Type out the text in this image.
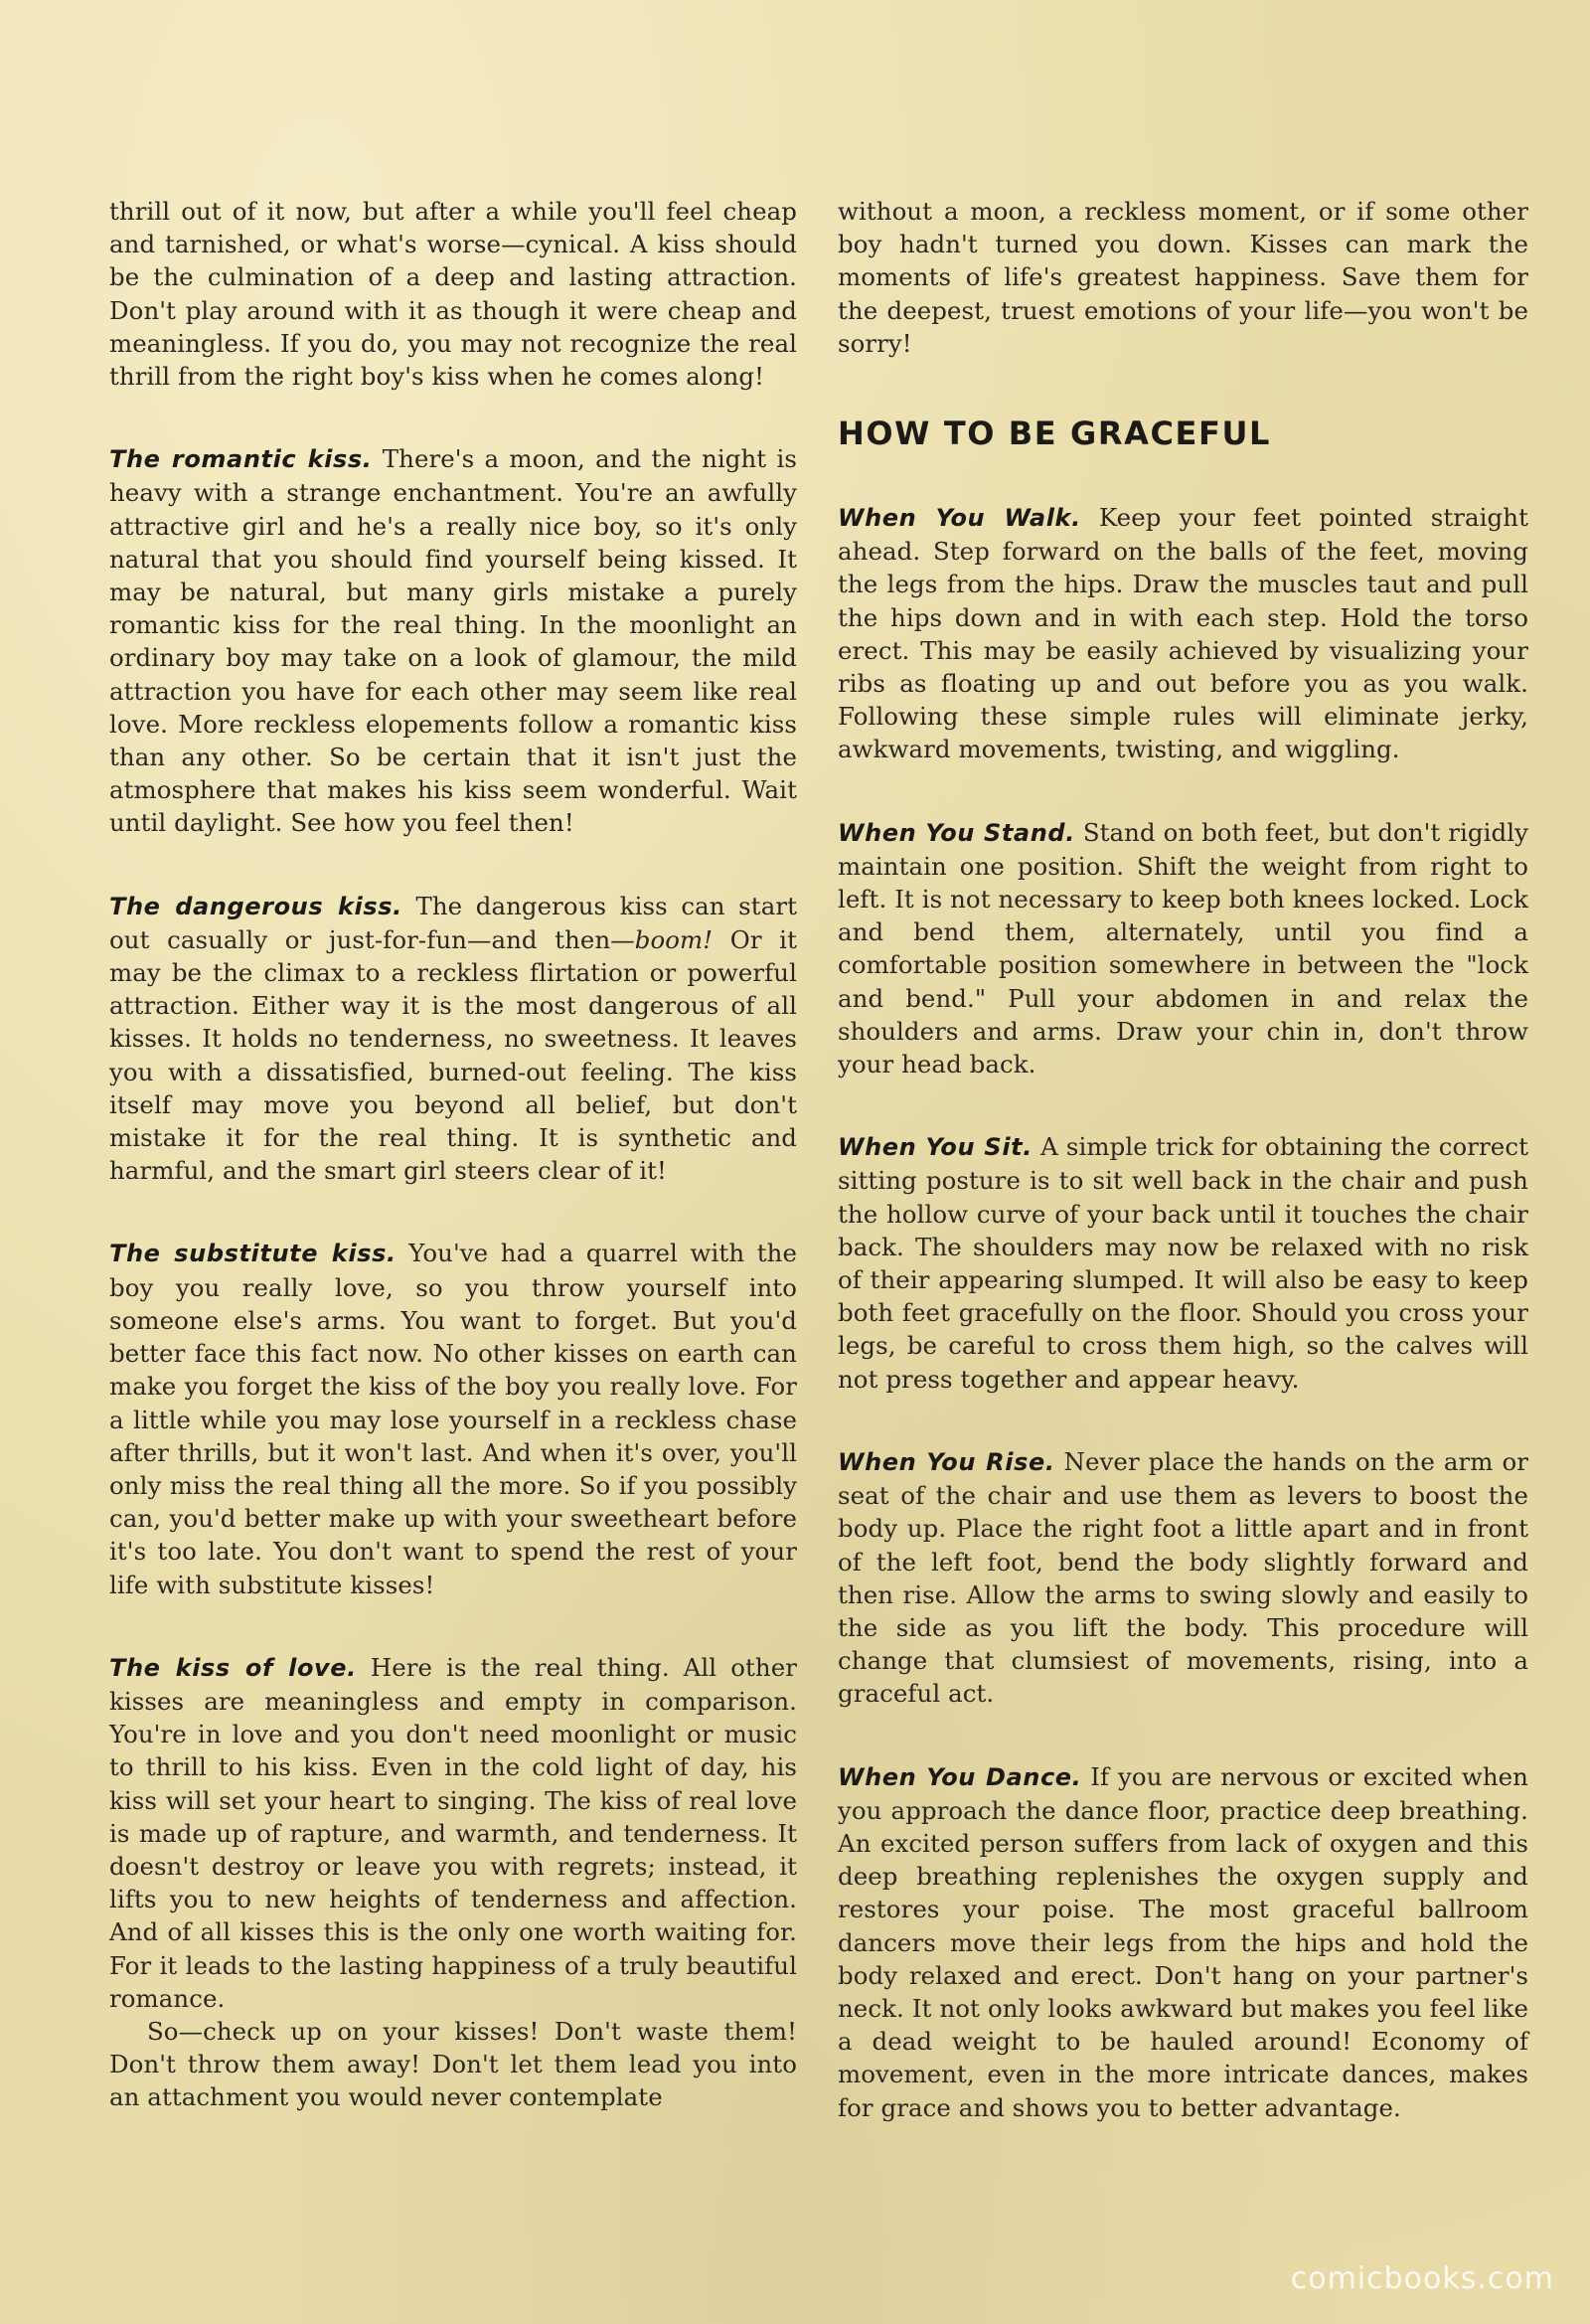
thrill out of it now, but after a while you'll feel cheap and tarnished, or what's worse—cynical. A kiss should be the culmination of a deep and lasting attraction. Don't play around with it as though it were cheap and meaningless. If you do, you may not recognize the real thrill from the right boy's kiss when he comes along!

The romantic kiss. There's a moon, and the night is heavy with a strange enchantment. You're an awfully attractive girl and he's a really nice boy, so it's only natural that you should find yourself being kissed. It may be natural, but many girls mistake a purely romantic kiss for the real thing. In the moonlight an ordinary boy may take on a look of glamour, the mild attraction you have for each other may seem like real love. More reckless elopements follow a romantic kiss than any other. So be certain that it isn't just the atmosphere that makes his kiss seem wonderful. Wait until daylight. See how you feel then!

The dangerous kiss. The dangerous kiss can start out casually or just-for-fun—and then—boom! Or it may be the climax to a reckless flirtation or powerful attraction. Either way it is the most dangerous of all kisses. It holds no tenderness, no sweetness. It leaves you with a dissatisfied, burned-out feeling. The kiss itself may move you beyond all belief, but don't mistake it for the real thing. It is synthetic and harmful, and the smart girl steers clear of it!

The substitute kiss. You've had a quarrel with the boy you really love, so you throw yourself into someone else's arms. You want to forget. But you'd better face this fact now. No other kisses on earth can make you forget the kiss of the boy you really love. For a little while you may lose yourself in a reckless chase after thrills, but it won't last. And when it's over, you'll only miss the real thing all the more. So if you possibly can, you'd better make up with your sweetheart before it's too late. You don't want to spend the rest of your life with substitute kisses!

The kiss of love. Here is the real thing. All other kisses are meaningless and empty in comparison. You're in love and you don't need moonlight or music to thrill to his kiss. Even in the cold light of day, his kiss will set your heart to singing. The kiss of real love is made up of rapture, and warmth, and tenderness. It doesn't destroy or leave you with regrets; instead, it lifts you to new heights of tenderness and affection. And of all kisses this is the only one worth waiting for. For it leads to the lasting happiness of a truly beautiful romance.

So—check up on your kisses! Don't waste them! Don't throw them away! Don't let them lead you into an attachment you would never contemplate

without a moon, a reckless moment, or if some other boy hadn't turned you down. Kisses can mark the moments of life's greatest happiness. Save them for the deepest, truest emotions of your life—you won't be sorry!

HOW TO BE GRACEFUL

When You Walk. Keep your feet pointed straight ahead. Step forward on the balls of the feet, moving the legs from the hips. Draw the muscles taut and pull the hips down and in with each step. Hold the torso erect. This may be easily achieved by visualizing your ribs as floating up and out before you as you walk. Following these simple rules will eliminate jerky, awkward movements, twisting, and wiggling.

When You Stand. Stand on both feet, but don't rigidly maintain one position. Shift the weight from right to left. It is not necessary to keep both knees locked. Lock and bend them, alternately, until you find a comfortable position somewhere in between the "lock and bend." Pull your abdomen in and relax the shoulders and arms. Draw your chin in, don't throw your head back.

When You Sit. A simple trick for obtaining the correct sitting posture is to sit well back in the chair and push the hollow curve of your back until it touches the chair back. The shoulders may now be relaxed with no risk of their appearing slumped. It will also be easy to keep both feet gracefully on the floor. Should you cross your legs, be careful to cross them high, so the calves will not press together and appear heavy.

When You Rise. Never place the hands on the arm or seat of the chair and use them as levers to boost the body up. Place the right foot a little apart and in front of the left foot, bend the body slightly forward and then rise. Allow the arms to swing slowly and easily to the side as you lift the body. This procedure will change that clumsiest of movements, rising, into a graceful act.

When You Dance. If you are nervous or excited when you approach the dance floor, practice deep breathing. An excited person suffers from lack of oxygen and this deep breathing replenishes the oxygen supply and restores your poise. The most graceful ballroom dancers move their legs from the hips and hold the body relaxed and erect. Don't hang on your partner's neck. It not only looks awkward but makes you feel like a dead weight to be hauled around! Economy of movement, even in the more intricate dances, makes for grace and shows you to better advantage.

comicbooks.com
